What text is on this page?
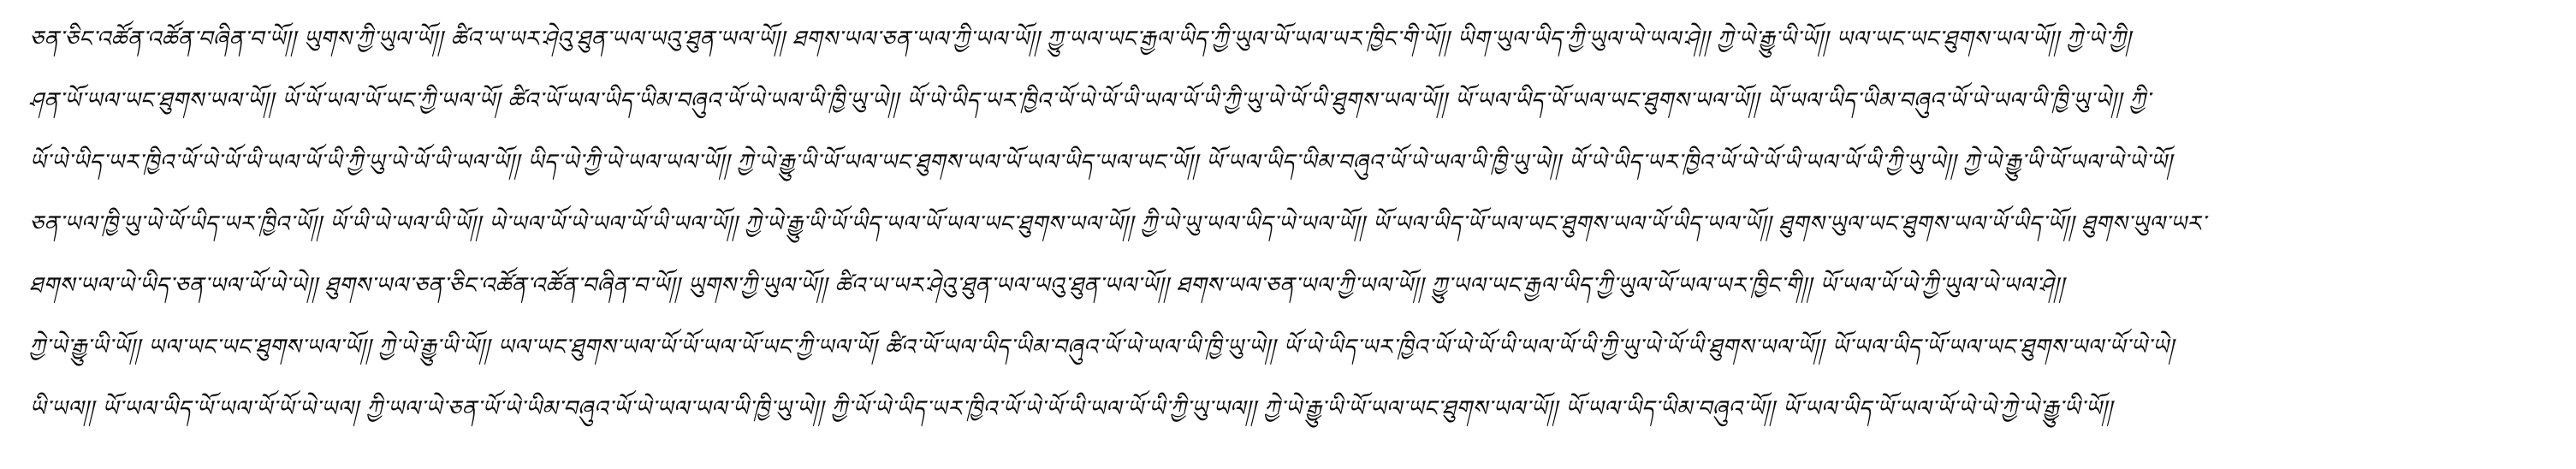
ཅན་ཅིང༌འཚོན་འཚོན་བཞིན་བ་ཡོ།། ཡུགས་ཀྱི་ཡུལ་ཡོ།། ཚིའ་ཡ་ཡར་ཤེའུ་ཐུན་ཡལ་ཡའུ་ཐུན་ཡལ་ཡོ།། ཐགས་ཡལ་ཅན་ཡལ་ཀྱི་ཡལ་ཡོ།། ཀྱུ་ཡལ་ཡང་རྒྱལ་ཡིད་ཀྱི་ཡུལ་ཡོ་ཡལ་ཡར་ཁྱིང་གི་ཡོ།། ཡིག་ཡུལ་ཡིད་ཀྱི་ཡུལ་ཡེ་ཡལ་ཤེ།། ཀྱེ་ཡེ་རྒྱུ་ཡི་ཡོ།། ཡལ་ཡང་ཡང་ཐུགས་ཡལ་ཡོ།། ཀྱེ་ཡེ་ཀྱི།
ཤན་ཡོ་ཡལ་ཡང་ཐུགས་ཡལ་ཡོ།། ཡོ་ཡོ་ཡལ་ཡོ་ཡང་ཀྱི་ཡལ་ཡོ། ཚིའ་ཡོ་ཡལ་ཡིད་ཡིམ་བཞུའ་ཡོ་ཡེ་ཡལ་ཡི་ཁྱི་ཡུ་ཡེ།། ཡོ་ཡེ་ཡིད་ཡར་ཁྱིའ་ཡོ་ཡེ་ཡོ་ཡི་ཡལ་ཡོ་ཡི་ཀྱི་ཡུ་ཡེ་ཡོ་ཡི་ཐུགས་ཡལ་ཡོ།། ཡོ་ཡལ་ཡིད་ཡོ་ཡལ་ཡང་ཐུགས་ཡལ་ཡོ།། ཡོ་ཡལ་ཡིད་ཡིམ་བཞུའ་ཡོ་ཡེ་ཡལ་ཡི་ཁྱི་ཡུ་ཡེ།། ཀྱི་
ཡོ་ཡེ་ཡིད་ཡར་ཁྱིའ་ཡོ་ཡེ་ཡོ་ཡི་ཡལ་ཡོ་ཡི་ཀྱི་ཡུ་ཡེ་ཡོ་ཡི་ཡལ་ཡོ།། ཡིད་ཡེ་ཀྱི་ཡེ་ཡལ་ཡལ་ཡོ།། ཀྱེ་ཡེ་རྒྱུ་ཡི་ཡོ་ཡལ་ཡང་ཐུགས་ཡལ་ཡོ་ཡལ་ཡིད་ཡལ་ཡང་ཡོ།། ཡོ་ཡལ་ཡིད་ཡིམ་བཞུའ་ཡོ་ཡེ་ཡལ་ཡི་ཁྱི་ཡུ་ཡེ།། ཡོ་ཡེ་ཡིད་ཡར་ཁྱིའ་ཡོ་ཡེ་ཡོ་ཡི་ཡལ་ཡོ་ཡི་ཀྱི་ཡུ་ཡེ།། ཀྱེ་ཡེ་རྒྱུ་ཡི་ཡོ་ཡལ་ཡེ་ཡེ་ཡོ།
ཅན་ཡལ་ཁྱི་ཡུ་ཡེ་ཡོ་ཡིད་ཡར་ཁྱིའ་ཡོ།། ཡོ་ཡི་ཡེ་ཡལ་ཡི་ཡོ།། ཡེ་ཡལ་ཡོ་ཡེ་ཡལ་ཡོ་ཡི་ཡལ་ཡོ།། ཀྱེ་ཡེ་རྒྱུ་ཡི་ཡོ་ཡིད་ཡལ་ཡོ་ཡལ་ཡང་ཐུགས་ཡལ་ཡོ།། ཀྱི་ཡེ་ཡུ་ཡལ་ཡིད་ཡེ་ཡལ་ཡོ།། ཡོ་ཡལ་ཡིད་ཡོ་ཡལ་ཡང་ཐུགས་ཡལ་ཡོ་ཡིད་ཡལ་ཡོ།། ཐུགས་ཡུལ་ཡང་ཐུགས་ཡལ་ཡོ་ཡིད་ཡོ།། ཐུགས་ཡུལ་ཡར་
ཐགས་ཡལ་ཡེ་ཡིད་ཅན་ཡལ་ཡོ་ཡེ་ཡེ།། ཐུགས་ཡལ་ཅན་ཅིང༌འཚོན་འཚོན་བཞིན་བ་ཡོ།། ཡུགས་ཀྱི་ཡུལ་ཡོ།། ཚིའ་ཡ་ཡར་ཤེའུ་ཐུན་ཡལ་ཡའུ་ཐུན་ཡལ་ཡོ།། ཐགས་ཡལ་ཅན་ཡལ་ཀྱི་ཡལ་ཡོ།། ཀྱུ་ཡལ་ཡང་རྒྱལ་ཡིད་ཀྱི་ཡུལ་ཡོ་ཡལ་ཡར་ཁྱིང་གི།། ཡོ་ཡལ་ཡོ་ཡེ་ཀྱི་ཡུལ་ཡེ་ཡལ་ཤེ།།
ཀྱེ་ཡེ་རྒྱུ་ཡི་ཡོ།། ཡལ་ཡང་ཡང་ཐུགས་ཡལ་ཡོ།། ཀྱེ་ཡེ་རྒྱུ་ཡི་ཡོ།། ཡལ་ཡང་ཐུགས་ཡལ་ཡོ་ཡོ་ཡལ་ཡོ་ཡང་ཀྱི་ཡལ་ཡོ། ཚིའ་ཡོ་ཡལ་ཡིད་ཡིམ་བཞུའ་ཡོ་ཡེ་ཡལ་ཡི་ཁྱི་ཡུ་ཡེ།། ཡོ་ཡེ་ཡིད་ཡར་ཁྱིའ་ཡོ་ཡེ་ཡོ་ཡི་ཡལ་ཡོ་ཡི་ཀྱི་ཡུ་ཡེ་ཡོ་ཡི་ཐུགས་ཡལ་ཡོ།། ཡོ་ཡལ་ཡིད་ཡོ་ཡལ་ཡང་ཐུགས་ཡལ་ཡོ་ཡེ་ཡེ།
ཡི་ཡལ།། ཡོ་ཡལ་ཡིད་ཡོ་ཡལ་ཡོ་ཡོ་ཡེ་ཡལ། ཀྱི་ཡལ་ཡེ་ཅན་ཡོ་ཡེ་ཡིམ་བཞུའ་ཡོ་ཡེ་ཡལ་ཡལ་ཡི་ཁྱི་ཡུ་ཡེ།། ཀྱི་ཡོ་ཡེ་ཡིད་ཡར་ཁྱིའ་ཡོ་ཡེ་ཡོ་ཡི་ཡལ་ཡོ་ཡི་ཀྱི་ཡུ་ཡལ།། ཀྱེ་ཡེ་རྒྱུ་ཡི་ཡོ་ཡལ་ཡང་ཐུགས་ཡལ་ཡོ།། ཡོ་ཡལ་ཡིད་ཡིམ་བཞུའ་ཡོ།། ཡོ་ཡལ་ཡིད་ཡོ་ཡལ་ཡོ་ཡེ་ཡེ་ཀྱེ་ཡེ་རྒྱུ་ཡི་ཡོ།།
